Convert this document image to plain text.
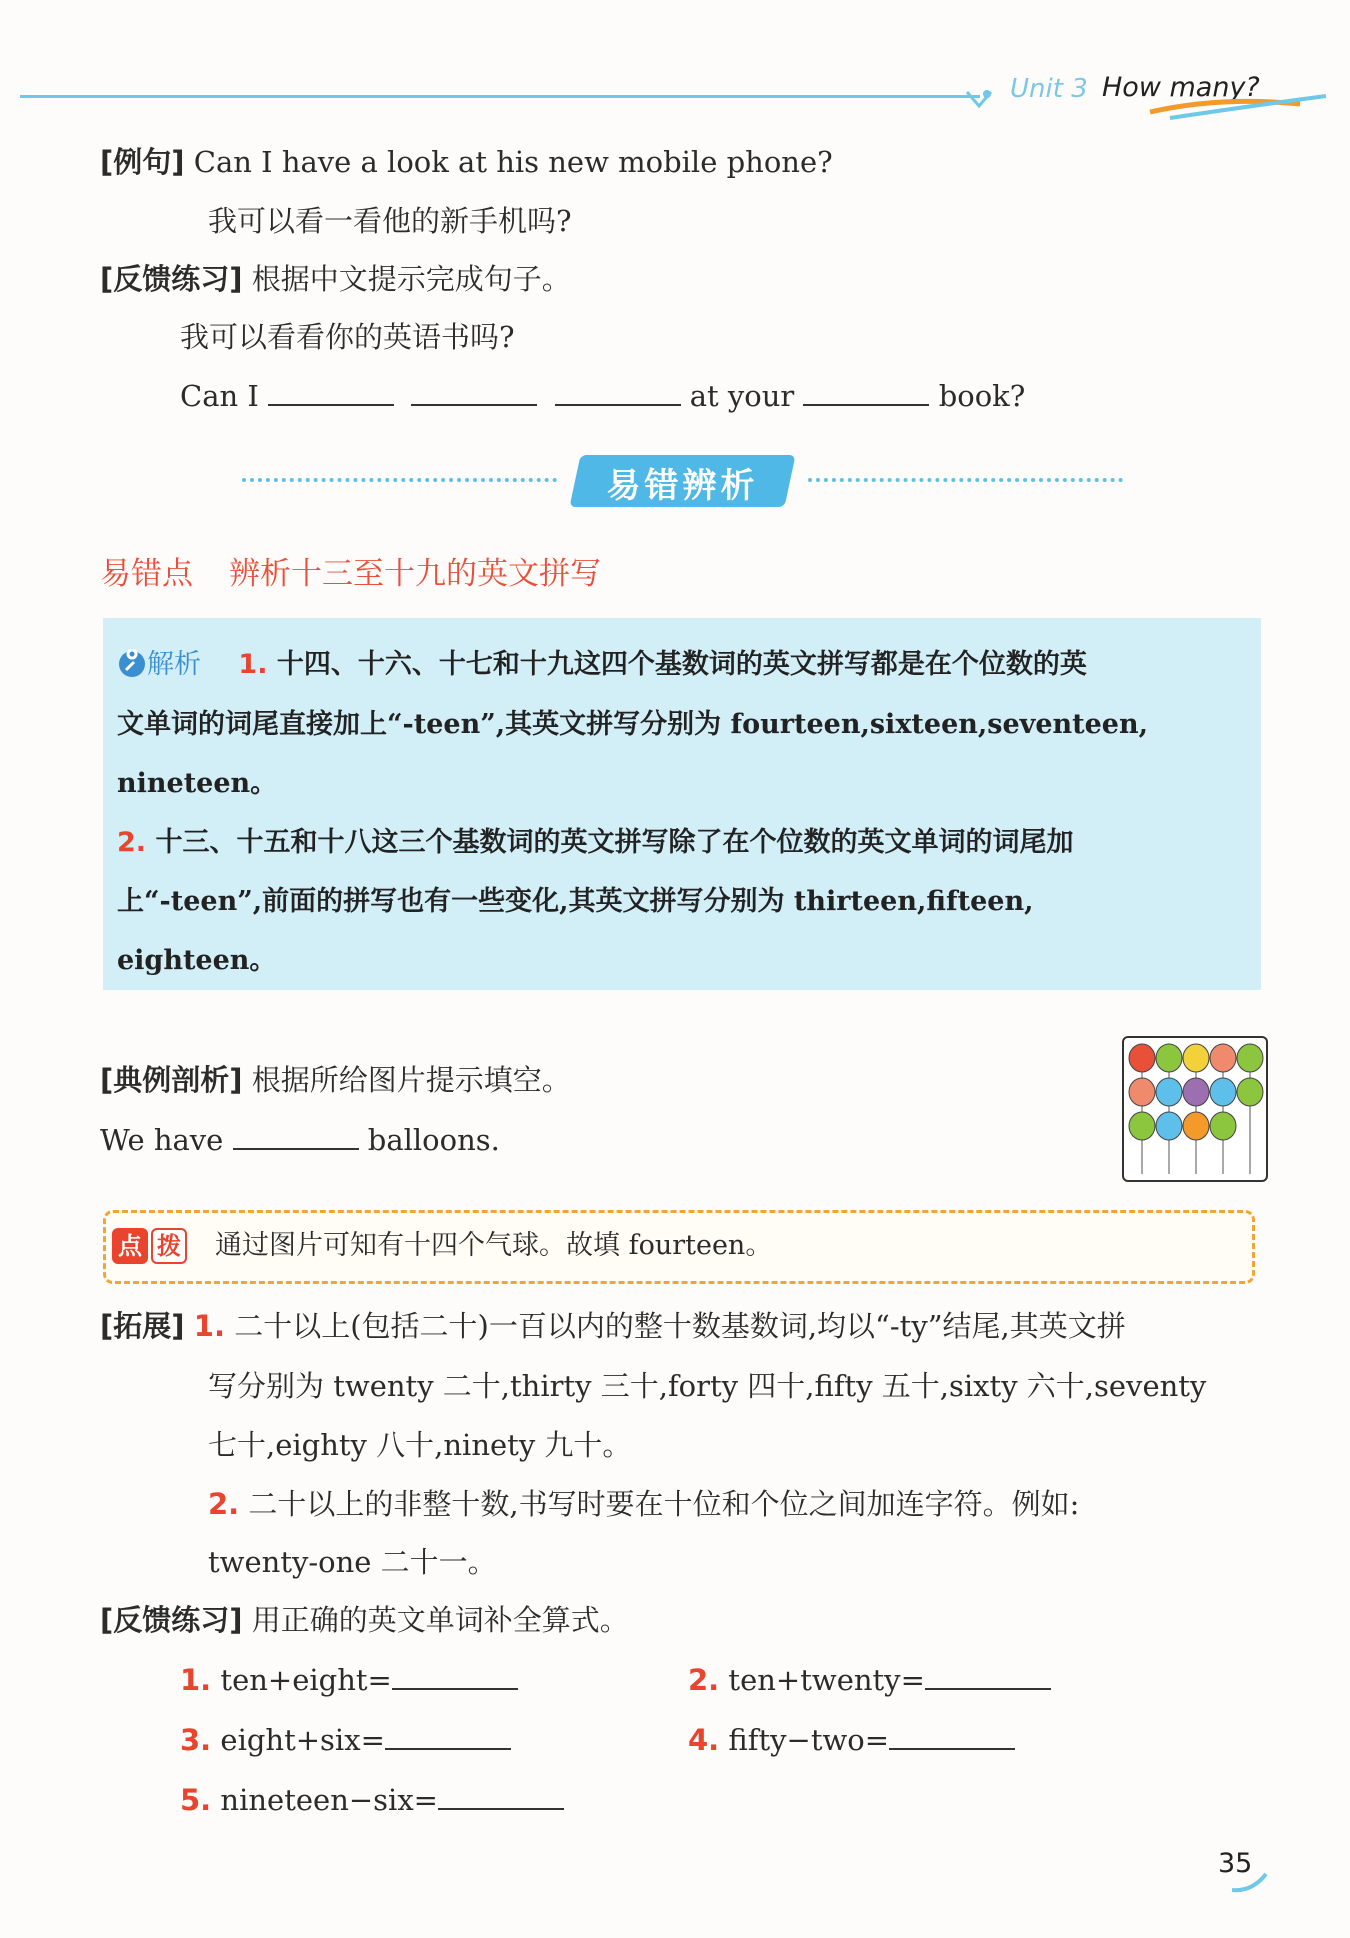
Unit 3 How many?
[例句] Can I have a look at his new mobile phone?
我可以看一看他的新手机吗?
[反馈练习] 根据中文提示完成句子。
我可以看看你的英语书吗?
Can I	at your	book?
易错辨析
易错点 辨析十三至十九的英文拼写
解析 1. 十四、十六、十七和十九这四个基数词的英文拼写都是在个位数的英
文单词的词尾直接加上“-teen”,其英文拼写分别为 fourteen,sixteen,seventeen,
nineteen。
2. 十三、十五和十八这三个基数词的英文拼写除了在个位数的英文单词的词尾加
上“-teen”,前面的拼写也有一些变化,其英文拼写分别为 thirteen,fifteen,
eighteen。
[典例剖析] 根据所给图片提示填空。
We have	balloons.
点 拨	通过图片可知有十四个气球。故填 fourteen。
[拓展] 1. 二十以上(包括二十)一百以内的整十数基数词,均以“-ty”结尾,其英文拼
写分别为 twenty 二十,thirty 三十,forty 四十,fifty 五十,sixty 六十,seventy
七十,eighty 八十,ninety 九十。
2. 二十以上的非整十数,书写时要在十位和个位之间加连字符。例如:
twenty-one 二十一。
[反馈练习] 用正确的英文单词补全算式。
1. ten+eight=	2. ten+twenty=
3. eight+six=	4. fifty−two=
5. nineteen−six=
35
